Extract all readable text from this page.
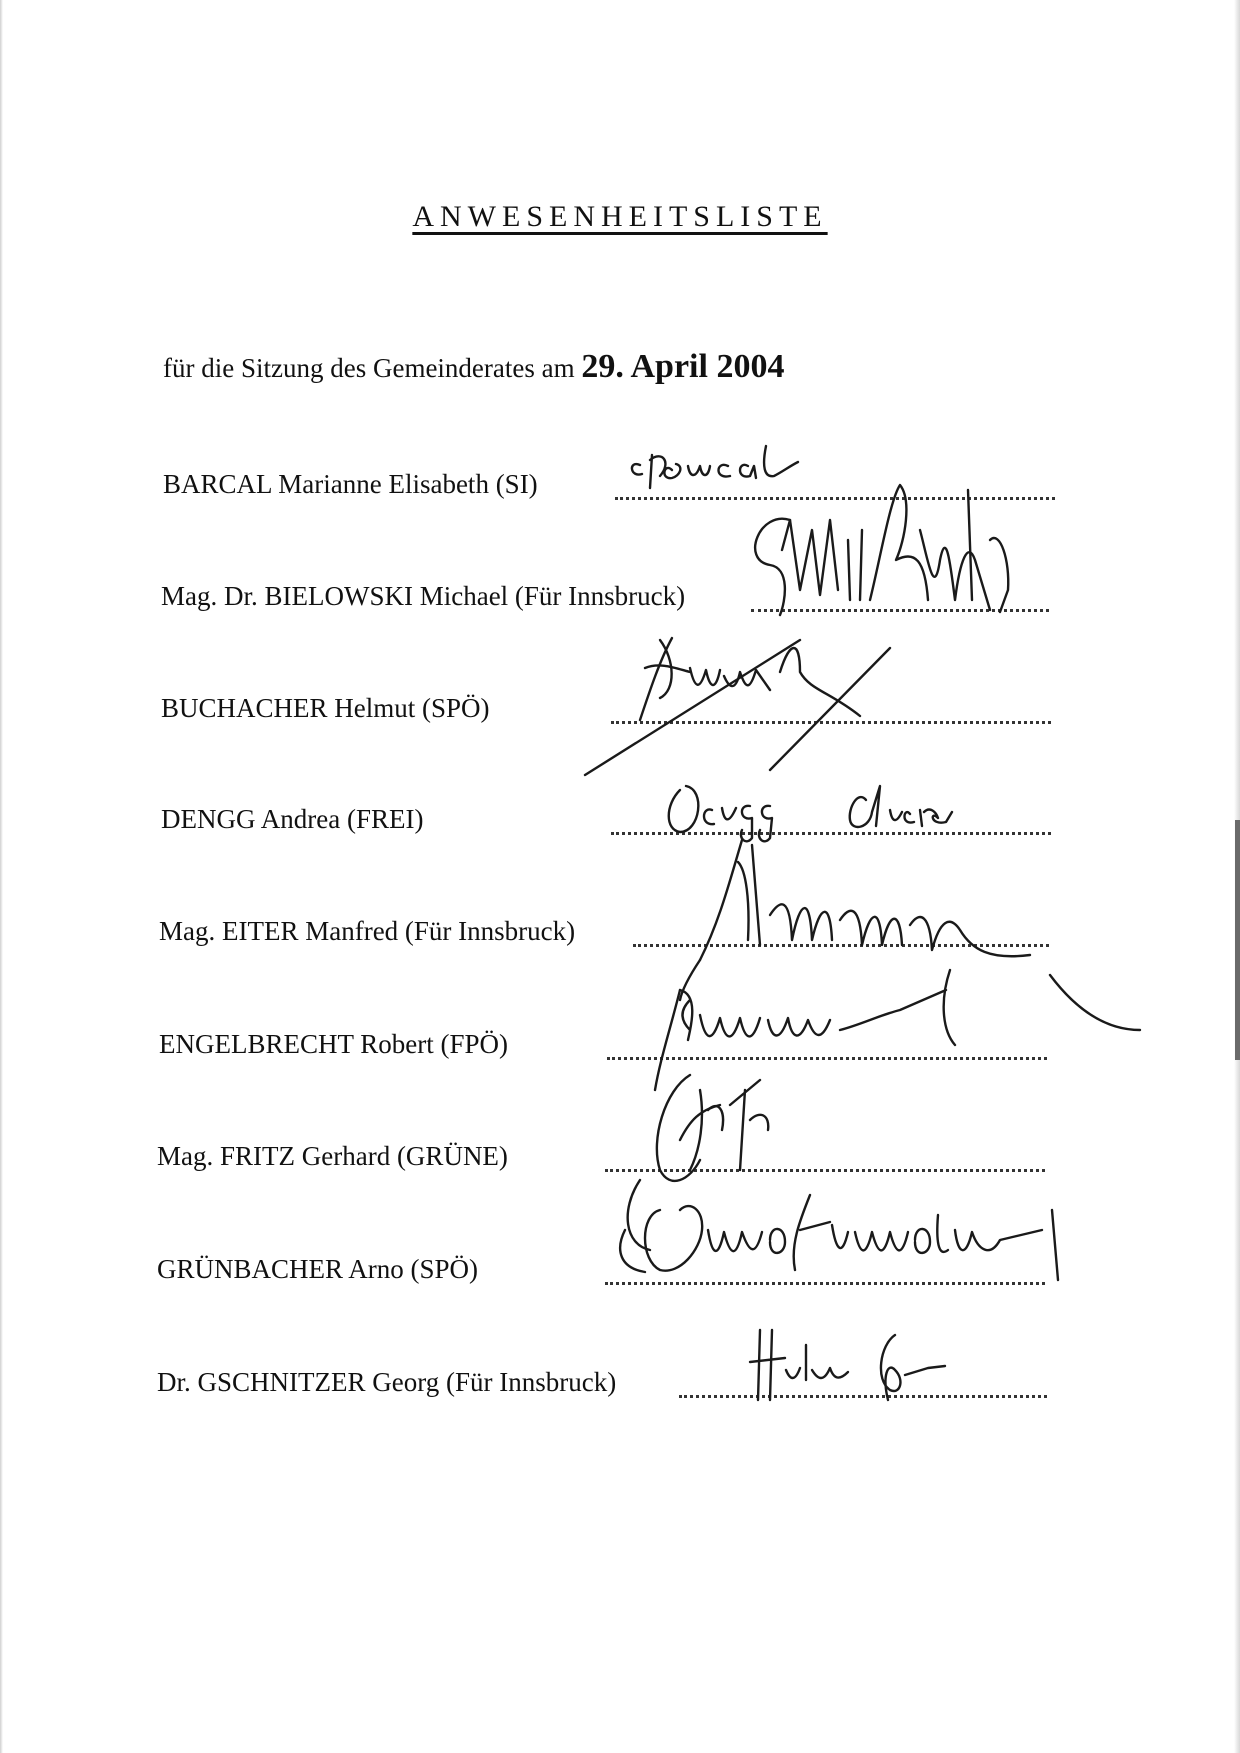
ANWESENHEITSLISTE
für die Sitzung des Gemeinderates am 29. April 2004
BARCAL Marianne Elisabeth (SI)
Mag. Dr. BIELOWSKI Michael (Für Innsbruck)
BUCHACHER Helmut (SPÖ)
DENGG Andrea (FREI)
Mag. EITER Manfred (Für Innsbruck)
ENGELBRECHT Robert (FPÖ)
Mag. FRITZ Gerhard (GRÜNE)
GRÜNBACHER Arno (SPÖ)
Dr. GSCHNITZER Georg (Für Innsbruck)
